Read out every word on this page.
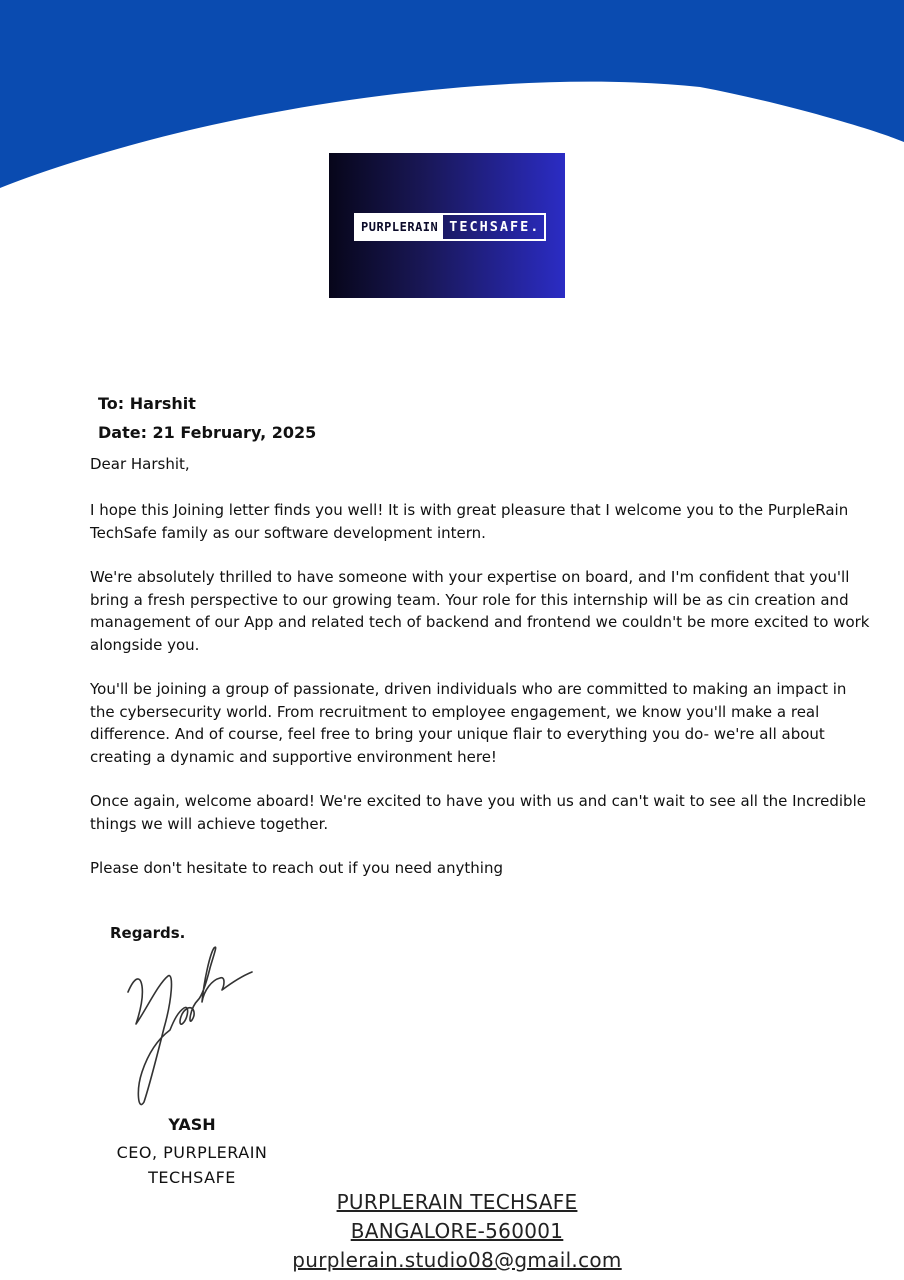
PURPLERAIN TECHSAFE.
To: Harshit
Date: 21 February, 2025
Dear Harshit,

I hope this Joining letter finds you well! It is with great pleasure that I welcome you to the PurpleRain TechSafe family as our software development intern.

We're absolutely thrilled to have someone with your expertise on board, and I'm confident that you'll bring a fresh perspective to our growing team. Your role for this internship will be as cin creation and management of our App and related tech of backend and frontend we couldn't be more excited to work alongside you.

You'll be joining a group of passionate, driven individuals who are committed to making an impact in the cybersecurity world. From recruitment to employee engagement, we know you'll make a real difference. And of course, feel free to bring your unique flair to everything you do- we're all about creating a dynamic and supportive environment here!

Once again, welcome aboard! We're excited to have you with us and can't wait to see all the Incredible things we will achieve together.

Please don't hesitate to reach out if you need anything

Regards.
YASH

CEO, PURPLERAIN TECHSAFE

PURPLERAIN TECHSAFE
BANGALORE-560001
purplerain.studio08@gmail.com
